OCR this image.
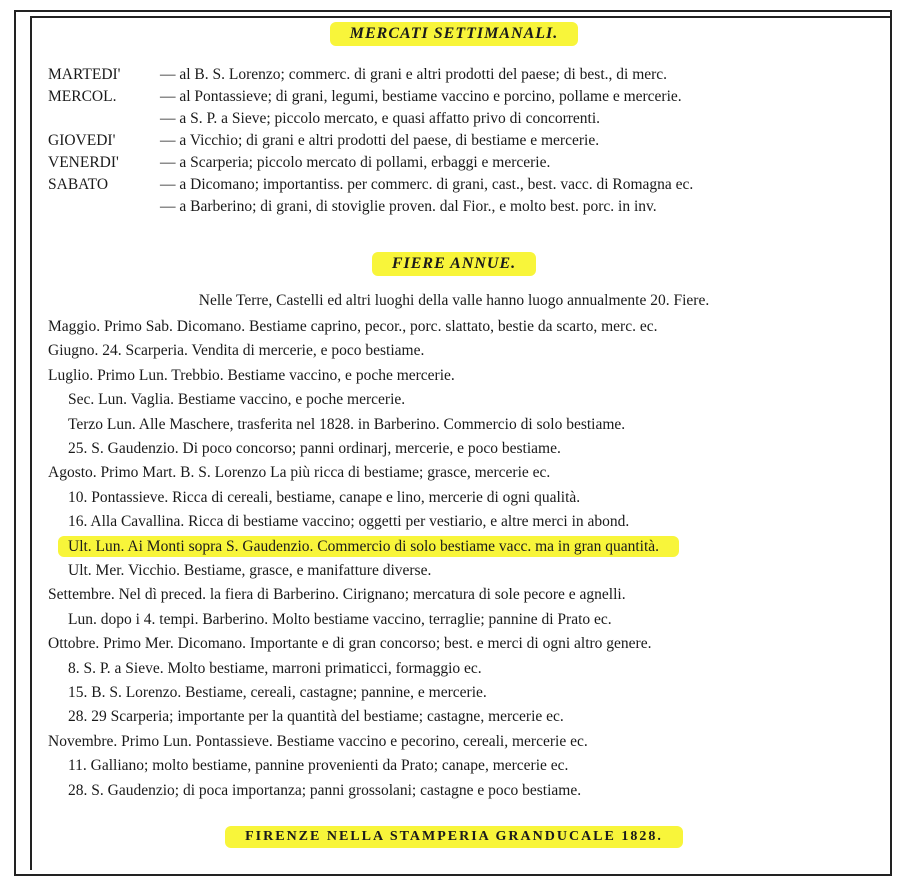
MERCATI SETTIMANALI.
MARTEDI'	— al B. S. Lorenzo; commerc. di grani e altri prodotti del paese; di best., di merc.
MERCOL.	— al Pontassieve; di grani, legumi, bestiame vaccino e porcino, pollame e mercerie.
— a S. P. a Sieve; piccolo mercato, e quasi affatto privo di concorrenti.
GIOVEDI'	— a Vicchio; di grani e altri prodotti del paese, di bestiame e mercerie.
VENERDI'	— a Scarperia; piccolo mercato di pollami, erbaggi e mercerie.
SABATO	— a Dicomano; importantiss. per commerc. di grani, cast., best. vacc. di Romagna ec.
— a Barberino; di grani, di stoviglie proven. dal Fior., e molto best. porc. in inv.
FIERE ANNUE.
Nelle Terre, Castelli ed altri luoghi della valle hanno luogo annualmente 20. Fiere.
Maggio. Primo Sab. Dicomano. Bestiame caprino, pecor., porc. slattato, bestie da scarto, merc. ec.
Giugno. 24. Scarperia. Vendita di mercerie, e poco bestiame.
Luglio. Primo Lun. Trebbio. Bestiame vaccino, e poche mercerie.
Sec. Lun. Vaglia. Bestiame vaccino, e poche mercerie.
Terzo Lun. Alle Maschere, trasferita nel 1828. in Barberino. Commercio di solo bestiame.
25. S. Gaudenzio. Di poco concorso; panni ordinarj, mercerie, e poco bestiame.
Agosto. Primo Mart. B. S. Lorenzo La più ricca di bestiame; grasce, mercerie ec.
10. Pontassieve. Ricca di cereali, bestiame, canape e lino, mercerie di ogni qualità.
16. Alla Cavallina. Ricca di bestiame vaccino; oggetti per vestiario, e altre merci in abond.
Ult. Lun. Ai Monti sopra S. Gaudenzio. Commercio di solo bestiame vacc. ma in gran quantità.
Ult. Mer. Vicchio. Bestiame, grasce, e manifatture diverse.
Settembre. Nel dì preced. la fiera di Barberino. Cirignano; mercatura di sole pecore e agnelli.
Lun. dopo i 4. tempi. Barberino. Molto bestiame vaccino, terraglie; pannine di Prato ec.
Ottobre. Primo Mer. Dicomano. Importante e di gran concorso; best. e merci di ogni altro genere.
8. S. P. a Sieve. Molto bestiame, marroni primaticci, formaggio ec.
15. B. S. Lorenzo. Bestiame, cereali, castagne; pannine, e mercerie.
28. 29 Scarperia; importante per la quantità del bestiame; castagne, mercerie ec.
Novembre. Primo Lun. Pontassieve. Bestiame vaccino e pecorino, cereali, mercerie ec.
11. Galliano; molto bestiame, pannine provenienti da Prato; canape, mercerie ec.
28. S. Gaudenzio; di poca importanza; panni grossolani; castagne e poco bestiame.
FIRENZE NELLA STAMPERIA GRANDUCALE 1828.
